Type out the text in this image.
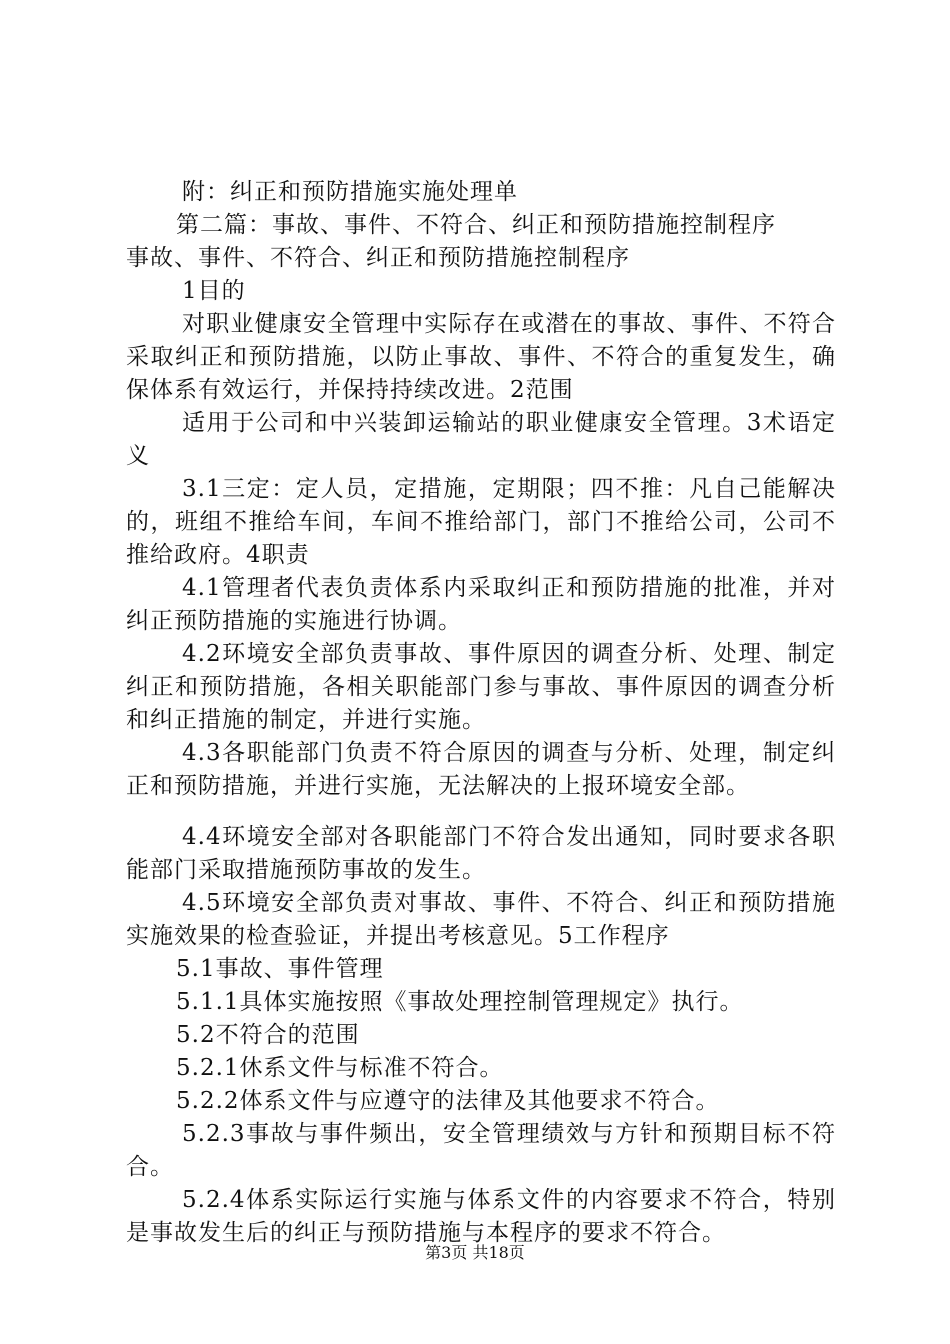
附：纠正和预防措施实施处理单

第二篇：事故、事件、不符合、纠正和预防措施控制程序

事故、事件、不符合、纠正和预防措施控制程序

1目的

对职业健康安全管理中实际存在或潜在的事故、事件、不符合采取纠正和预防措施，以防止事故、事件、不符合的重复发生，确保体系有效运行，并保持持续改进。2范围

适用于公司和中兴装卸运输站的职业健康安全管理。3术语定义

3.1三定：定人员，定措施，定期限；四不推：凡自己能解决的，班组不推给车间，车间不推给部门，部门不推给公司，公司不推给政府。4职责

4.1管理者代表负责体系内采取纠正和预防措施的批准，并对纠正预防措施的实施进行协调。

4.2环境安全部负责事故、事件原因的调查分析、处理、制定纠正和预防措施，各相关职能部门参与事故、事件原因的调查分析和纠正措施的制定，并进行实施。

4.3各职能部门负责不符合原因的调查与分析、处理，制定纠正和预防措施，并进行实施，无法解决的上报环境安全部。

4.4环境安全部对各职能部门不符合发出通知，同时要求各职能部门采取措施预防事故的发生。

4.5环境安全部负责对事故、事件、不符合、纠正和预防措施实施效果的检查验证，并提出考核意见。5工作程序

5.1事故、事件管理

5.1.1具体实施按照《事故处理控制管理规定》执行。

5.2不符合的范围

5.2.1休系文件与标准不符合。

5.2.2体系文件与应遵守的法律及其他要求不符合。

5.2.3事故与事件频出，安全管理绩效与方针和预期目标不符合。

5.2.4体系实际运行实施与体系文件的内容要求不符合，特别是事故发生后的纠正与预防措施与本程序的要求不符合。

第3页 共18页
